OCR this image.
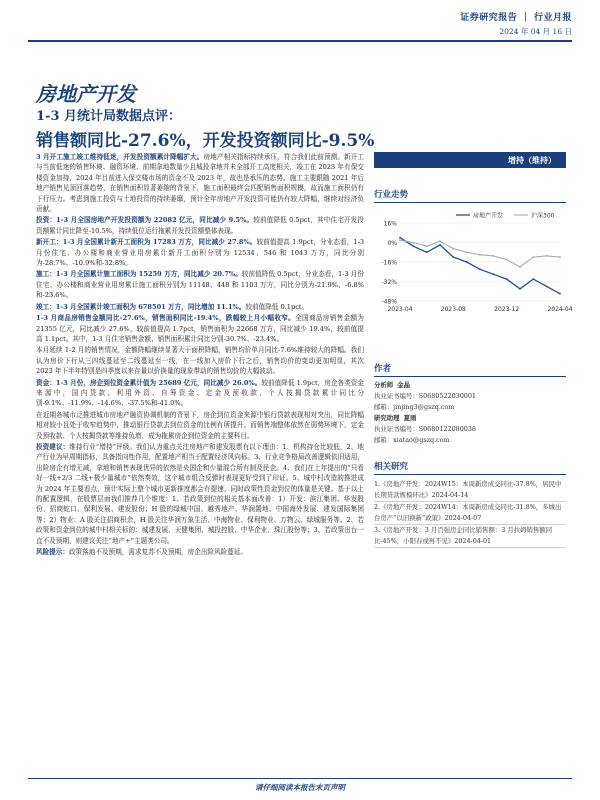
证券研究报告 ｜ 行业月报
2024 年 04 月 16 日
房地产开发
1-3 月统计局数据点评：
销售额同比-27.6%，开发投资额同比-9.5%

3 月开工施工竣工维持低迷，开发投资额累计降幅扩大。房地产相关指标持续承压，符合我们此前预测。新开工与当前低迷的销售环境、融资环境、前期拿地数量少且城投拿地并未全部开工高度相关，竣工在 2023 年有保交楼资金加持，2024 年目前进入保交楼市场的资金不及 2023 年，故也是承压的态势。施工主要跟随 2021 年后地产销售见顶回落趋势，在销售面积显著萎缩的背景下，施工面积最终会匹配销售面积规模，故而施工面积仍有下行压力。考虑到施工投资与土地投资的持续萎靡，预计全年房地产开发投资可能仍有较大降幅，继续对经济负贡献。

投资：1-3 月全国房地产开发投资额为 22082 亿元，同比减少 9.5%。较前值降低 0.5pct，其中住宅开发投资额累计同比降至-10.5%，持续低位运行拖累开发投资额整体表现。

新开工：1-3 月全国累计新开工面积为 17283 万方，同比减少 27.8%。较前值提高 1.9pct，分业态看，1-3 月份住宅、办公楼和商业营业用房累计新开工面积分别为 12534、546 和 1043 万方，同比分别为-28.7%、-10.9%和-32.8%。

施工：1-3 月全国累计施工面积为 15259 万方，同比减少 20.7%。较前值降低 0.5pct，分业态看，1-3 月份住宅、办公楼和商业营业用房累计施工面积分别为 11148、448 和 1103 万方，同比分别为-21.9%、-6.8%和-23.6%。

竣工：1-3 月全国累计竣工面积为 678501 万方，同比增加 11.1%。较前值降低 0.1pct。

1-3 月商品房销售金额同比-27.6%，销售面积同比-19.4%，跌幅较上月小幅收窄。全国商品房销售金额为 21355 亿元，同比减少 27.6%，较前值提高 1.7pct，销售面积为 22668 万方，同比减少 19.4%，较前值提高 1.1pct。其中，1-3 月住宅销售金额、销售面积累计同比分别-30.7%、-23.4%。

本月延续 1-2 月的销售情况，金额降幅继续显著大于面积降幅，销售均价单月同比-7.6%维持较大的降幅。我们认为房价下行从三四线蔓延至二线蔓延至一线，在一线加入房价下行之后，销售均价的变动更加明显，其次 2023 年下半年特别是四季度以来存量以价换量的现象带动的销售均价的大幅波动。

资金：1-3 月份，房企到位资金累计值为 25689 亿元，同比减少 26.0%。较前值降低 1.9pct，房企各类资金来源中，国内贷款、利用外资、自筹资金、定金及预收款、个人按揭贷款累计同比分别-9.1%、-11.9%、-14.6%、-37.5%和-41.0%。

在近期各城市泛推进城市房地产融资协调机制的背景下，房企到位资金来源中银行贷款表现相对突出，同比降幅相对较小且处于收窄趋势中，推动银行贷款去到位资金的比例有所提升。而销售端整体依然在弱势环境下，定金及预收款、个人按揭贷款等维持负增、成为拖累房企到位资金的主要科目。

投资建议：维持行业“增持”评级。我们认为重点关注房地产和建发股票有以下理由：1、机构持仓比较低，2、地产行业为早周期指标，具备指向性作用，配置地产相当于配置经济风向标。3、行业竞争格局改善逻辑依旧适用，出险房企有增无减，拿地和销售表现优异的依然是央国企和少量混合所有制及民企。4、我们在上年提出的“只看好一线+2/3 二线+极少量城市”依然奏效，这个城市组合反弹时表现更好受到了印证。5、城中村改造的推进成为 2024 年主要看点，预计实际上整个城市更新推度都会有提速，同时政策性资金到位的体量是关键。基于以上的配置逻辑，在股票层面我们推荐几个维度：1、若政策到位的相关基本面改善：1）开发：滨江集团、华发股份、招商蛇口、保利发展、建发股份；H 股的绿城中国、越秀地产、华润置地、中国海外发展、建发国际集团等；2）物业：A 股关注招商积余，H 股关注华润万象生活、中海物业、保利物业、万物云、绿城服务等。2、若政策和资金到位的城中村相关标的：城建发展、天健集团、城投控股、中华企业、珠江股份等；3、若政策出台一直不及预期，则建议关注“地产+”主题类公司。

风险提示：政策落地不及预期，需求复苏不及预期，房企出险风险蔓延。

增持（维持）
行业走势
16%
0%
-16%
-32%
-48%
2023-04	2023-08	2023-12	2024-04
房地产开发	沪深300
作者
分析师 金晶
执业证书编号：S0680522030001
邮箱：jinjing3@gszq.com
研究助理 夏雨
执业证书编号：S0680122080038
邮箱：xiatao@gszq.com
相关研究
1.《房地产开发：2024W15：本周新房成交同比-37.8%，居民中长期贷款规模环比》2024-04-14
2.《房地产开发：2024W14：本周新房成交同比-31.8%，多城出台房产“以旧换新”政策》2024-04-07
3.《房地产开发：3 月百强房企同比销售额：3 月拉姆销售额同比-45%，小阳春或再不见》2024-04-01
请仔细阅读本报告末页声明
